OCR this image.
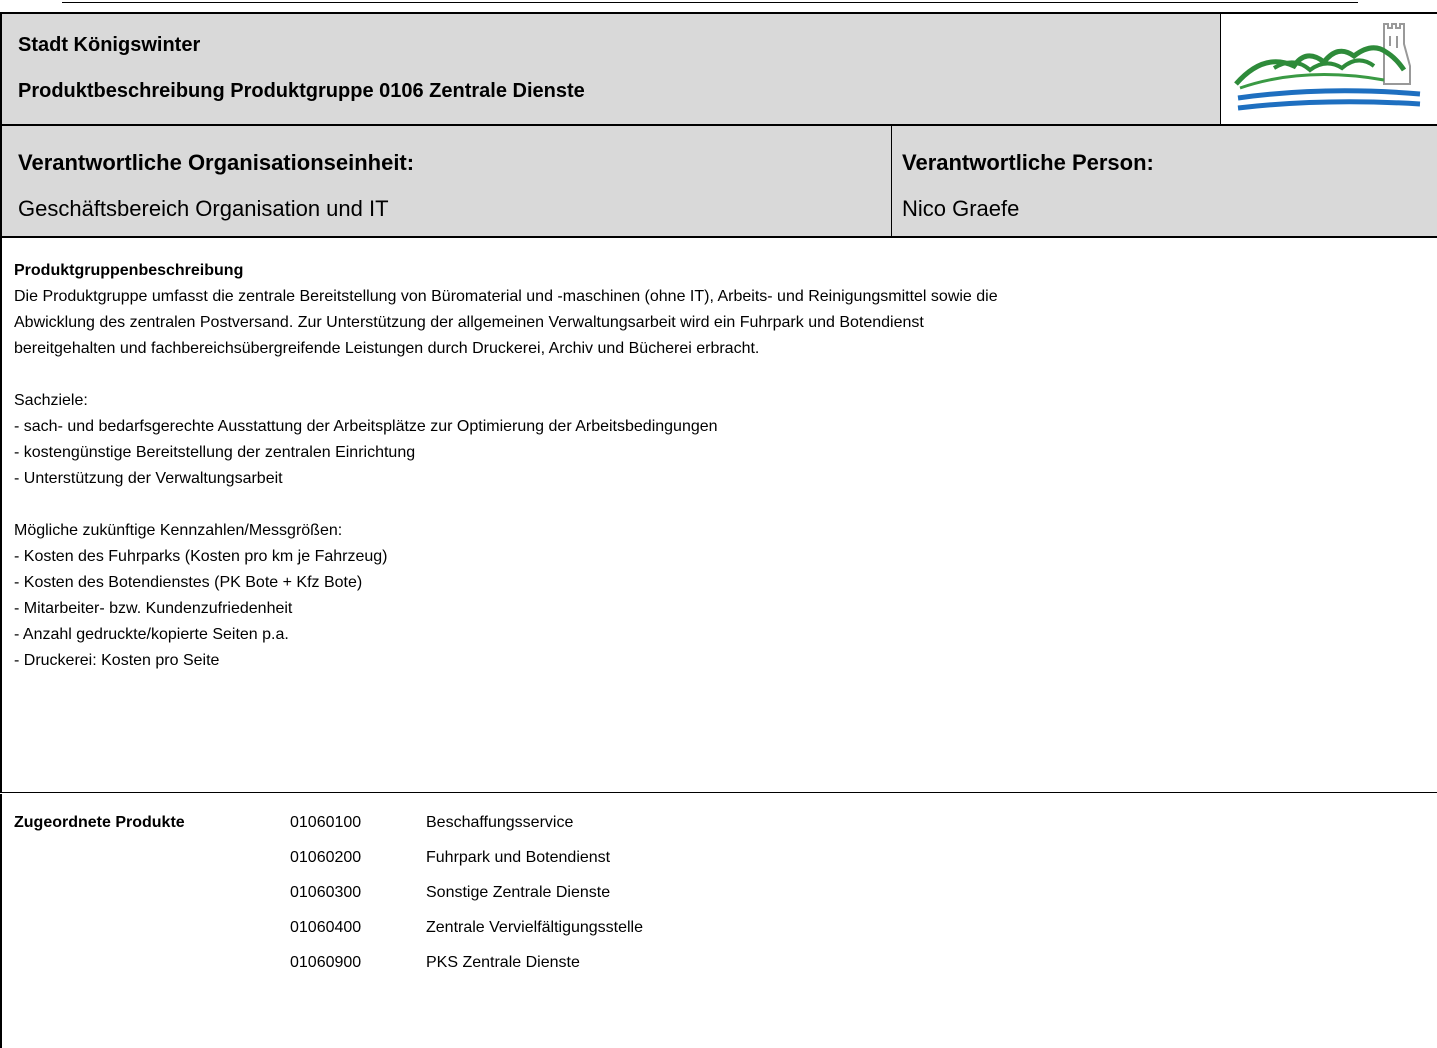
Stadt Königswinter
Produktbeschreibung Produktgruppe 0106 Zentrale Dienste
Verantwortliche Organisationseinheit:
Geschäftsbereich Organisation und IT
Verantwortliche Person:
Nico Graefe
Produktgruppenbeschreibung
Die Produktgruppe umfasst die zentrale Bereitstellung von Büromaterial und -maschinen (ohne IT), Arbeits- und Reinigungsmittel sowie die
Abwicklung des zentralen Postversand. Zur Unterstützung der allgemeinen Verwaltungsarbeit wird ein Fuhrpark und Botendienst
bereitgehalten und fachbereichsübergreifende Leistungen durch Druckerei, Archiv und Bücherei erbracht.
Sachziele:
- sach- und bedarfsgerechte Ausstattung der Arbeitsplätze zur Optimierung der Arbeitsbedingungen
- kostengünstige Bereitstellung der zentralen Einrichtung
- Unterstützung der Verwaltungsarbeit
Mögliche zukünftige Kennzahlen/Messgrößen:
- Kosten des Fuhrparks (Kosten pro km je Fahrzeug)
- Kosten des Botendienstes (PK Bote + Kfz Bote)
- Mitarbeiter- bzw. Kundenzufriedenheit
- Anzahl gedruckte/kopierte Seiten p.a.
- Druckerei: Kosten pro Seite
Zugeordnete Produkte	01060100	Beschaffungsservice
01060200	Fuhrpark und Botendienst
01060300	Sonstige Zentrale Dienste
01060400	Zentrale Vervielfältigungsstelle
01060900	PKS Zentrale Dienste
